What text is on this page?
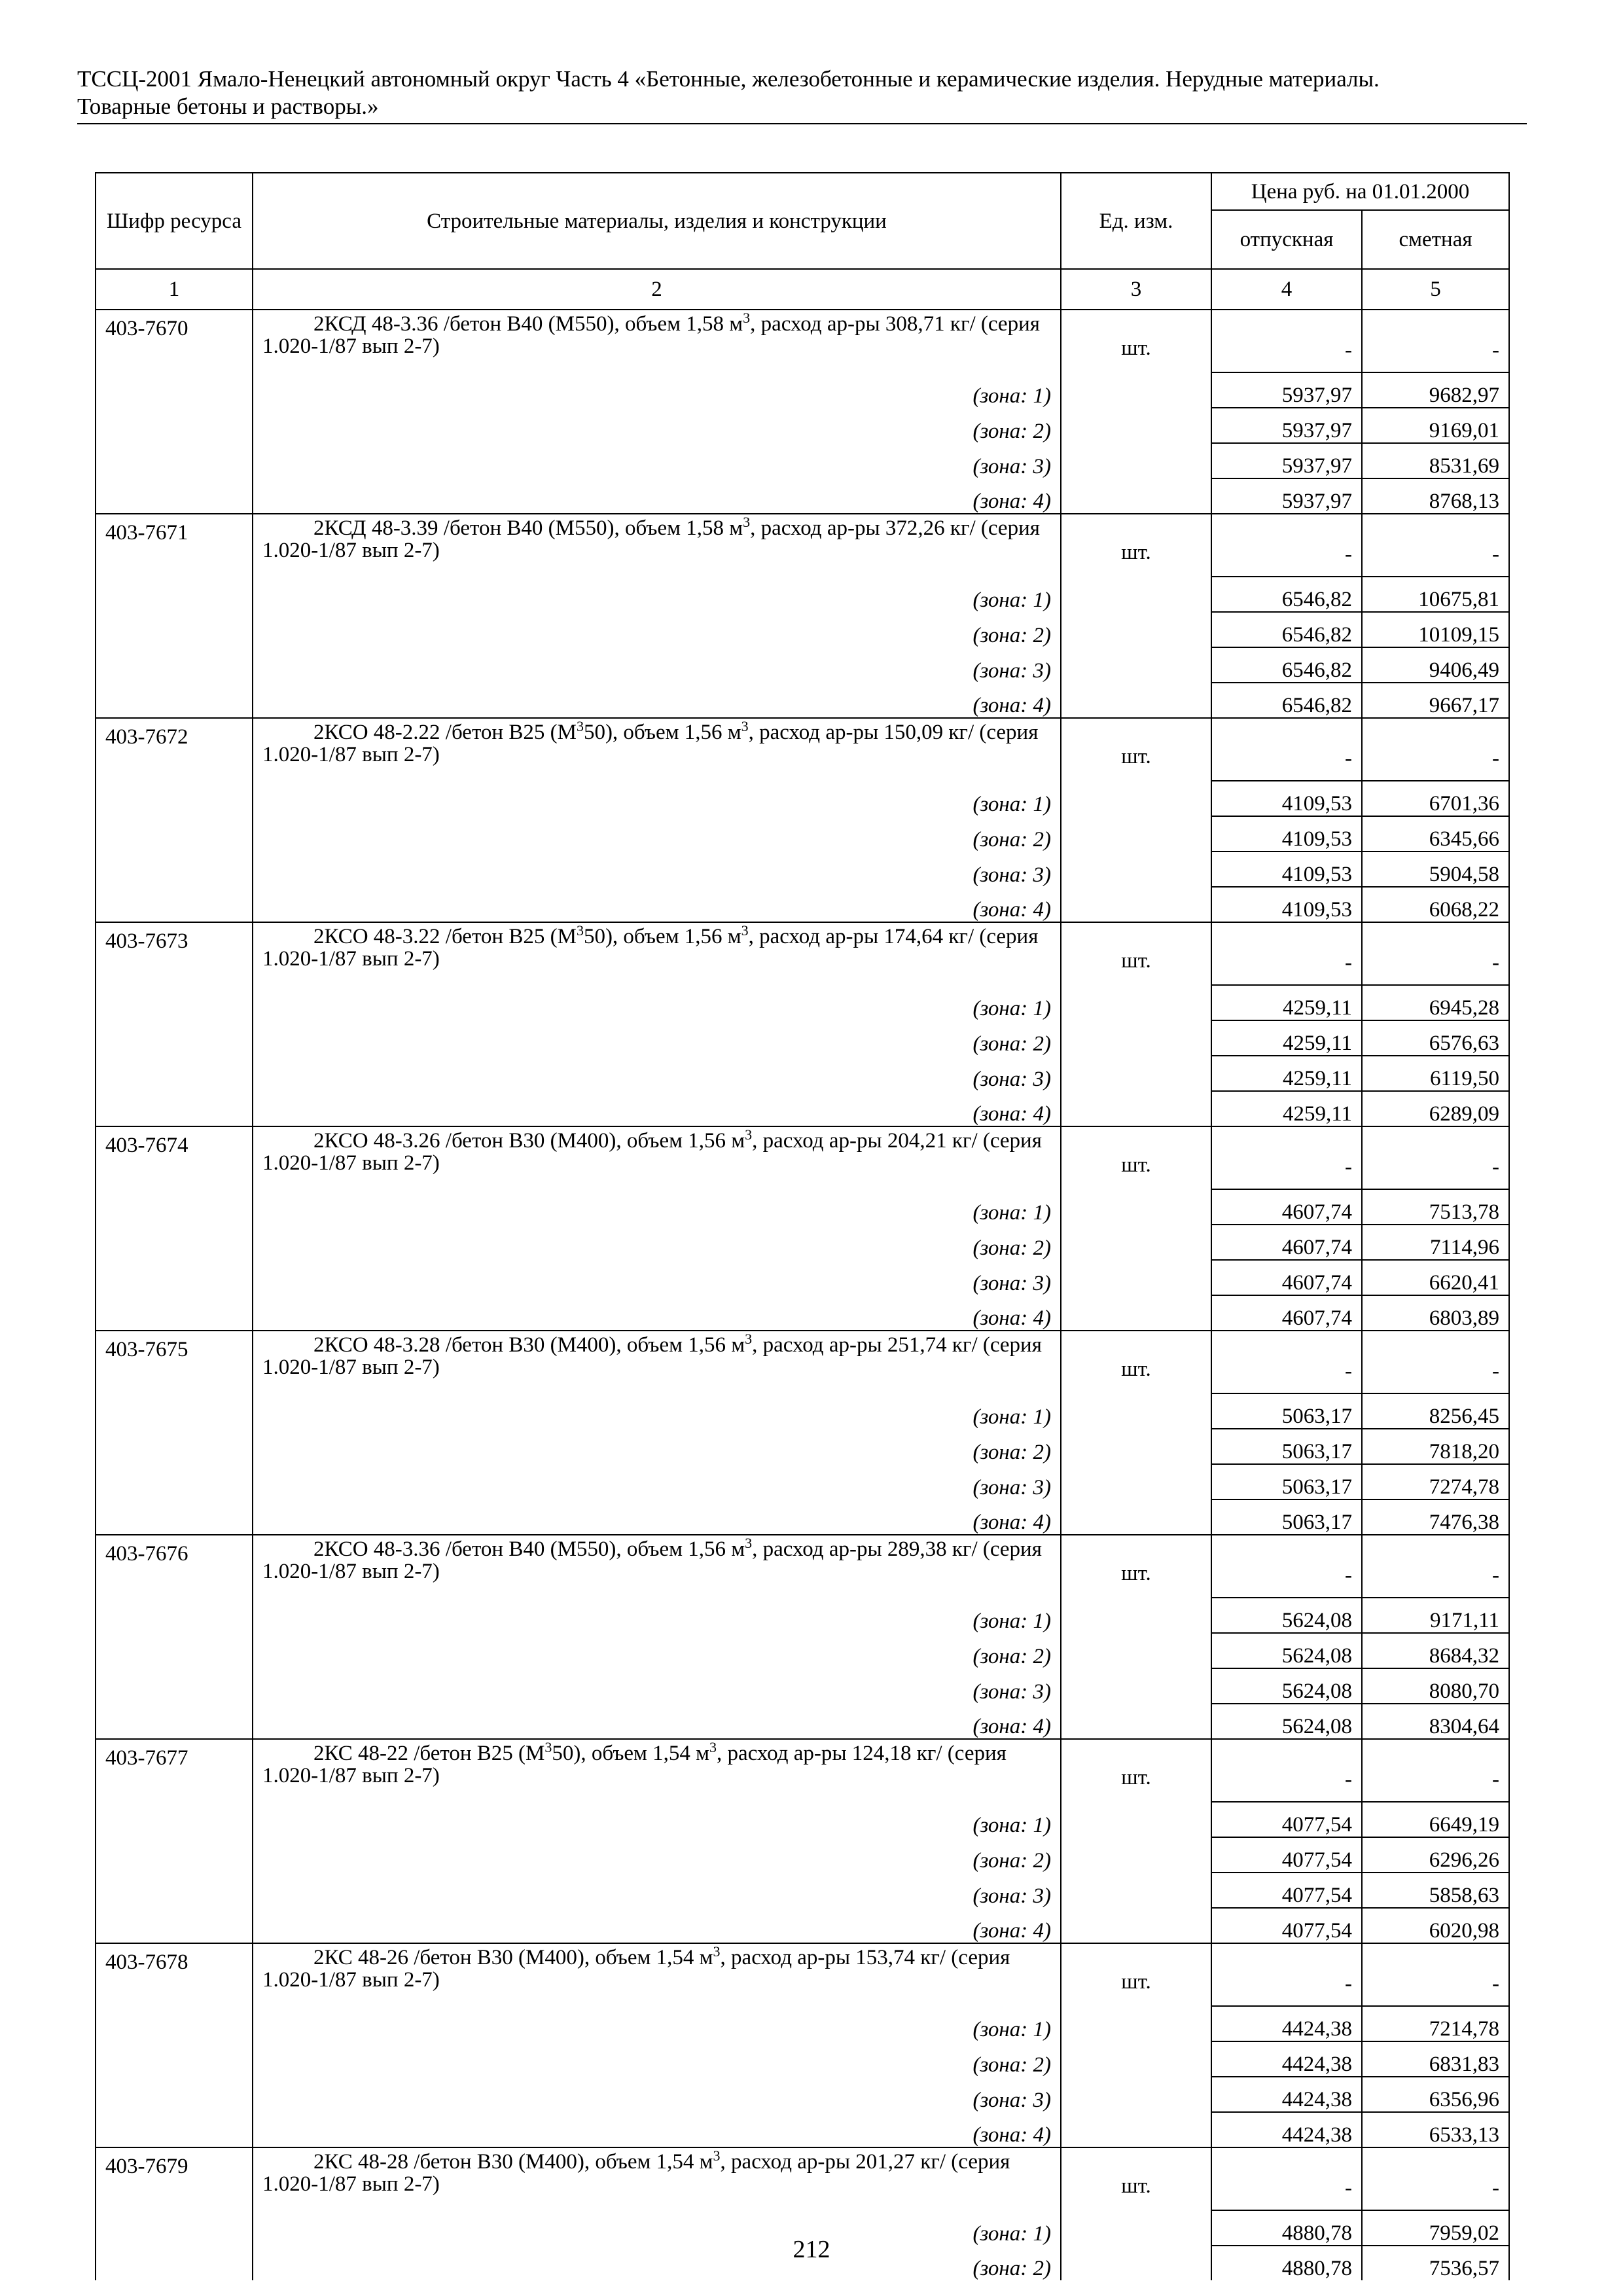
ТССЦ-2001 Ямало-Ненецкий автономный округ Часть 4 «Бетонные, железобетонные и керамические изделия. Нерудные материалы.
Товарные бетоны и растворы.»
Шифр ресурса	Строительные материалы, изделия и конструкции	Ед. изм.	Цена руб. на 01.01.2000	
			отпускная	сметная
1	2	3	4	5
403-7670	2КСД 48-3.36 /бетон В40 (М550), объем 1,58 $м^3$, расход ар-ры 308,71 кг/ (серия 1.020-1/87 вып 2-7)	шт.	-	-
	(зона: 1)		5937,97	9682,97
	(зона: 2)		5937,97	9169,01
	(зона: 3)		5937,97	8531,69
	(зона: 4)		5937,97	8768,13
403-7671	2КСД 48-3.39 /бетон В40 (М550), объем 1,58 $м^3$, расход ар-ры 372,26 кг/ (серия 1.020-1/87 вып 2-7)	шт.	-	-
	(зона: 1)		6546,82	10675,81
	(зона: 2)		6546,82	10109,15
	(зона: 3)		6546,82	9406,49
	(зона: 4)		6546,82	9667,17
403-7672	2КСО 48-2.22 /бетон В25 $(М^350)$, объем 1,56 $м^3$, расход ар-ры 150,09 кг/ (серия 1.020-1/87 вып 2-7)	шт.	-	-
	(зона: 1)		4109,53	6701,36
	(зона: 2)		4109,53	6345,66
	(зона: 3)		4109,53	5904,58
	(зона: 4)		4109,53	6068,22
403-7673	2КСО 48-3.22 /бетон В25 $(М^350)$, объем 1,56 $м^3$, расход ар-ры 174,64 кг/ (серия 1.020-1/87 вып 2-7)	шт.	-	-
	(зона: 1)		4259,11	6945,28
	(зона: 2)		4259,11	6576,63
	(зона: 3)		4259,11	6119,50
	(зона: 4)		4259,11	6289,09
403-7674	2КСО 48-3.26 /бетон В30 (М400), объем 1,56 $м^3$, расход ар-ры 204,21 кг/ (серия 1.020-1/87 вып 2-7)	шт.	-	-
	(зона: 1)		4607,74	7513,78
	(зона: 2)		4607,74	7114,96
	(зона: 3)		4607,74	6620,41
	(зона: 4)		4607,74	6803,89
403-7675	2КСО 48-3.28 /бетон В30 (М400), объем 1,56 $м^3$, расход ар-ры 251,74 кг/ (серия 1.020-1/87 вып 2-7)	шт.	-	-
	(зона: 1)		5063,17	8256,45
	(зона: 2)		5063,17	7818,20
	(зона: 3)		5063,17	7274,78
	(зона: 4)		5063,17	7476,38
403-7676	2КСО 48-3.36 /бетон В40 (М550), объем 1,56 $м^3$, расход ар-ры 289,38 кг/ (серия 1.020-1/87 вып 2-7)	шт.	-	-
	(зона: 1)		5624,08	9171,11
	(зона: 2)		5624,08	8684,32
	(зона: 3)		5624,08	8080,70
	(зона: 4)		5624,08	8304,64
403-7677	2КС 48-22 /бетон В25 $(М^350)$, объем 1,54 $м^3$, расход ар-ры 124,18 кг/ (серия 1.020-1/87 вып 2-7)	шт.	-	-
	(зона: 1)		4077,54	6649,19
	(зона: 2)		4077,54	6296,26
	(зона: 3)		4077,54	5858,63
	(зона: 4)		4077,54	6020,98
403-7678	2КС 48-26 /бетон В30 (М400), объем 1,54 $м^3$, расход ар-ры 153,74 кг/ (серия 1.020-1/87 вып 2-7)	шт.	-	-
	(зона: 1)		4424,38	7214,78
	(зона: 2)		4424,38	6831,83
	(зона: 3)		4424,38	6356,96
	(зона: 4)		4424,38	6533,13
403-7679	2КС 48-28 /бетон В30 (М400), объем 1,54 $м^3$, расход ар-ры 201,27 кг/ (серия 1.020-1/87 вып 2-7)	шт.	-	-
	(зона: 1)		4880,78	7959,02
	(зона: 2)		4880,78	7536,57
212
